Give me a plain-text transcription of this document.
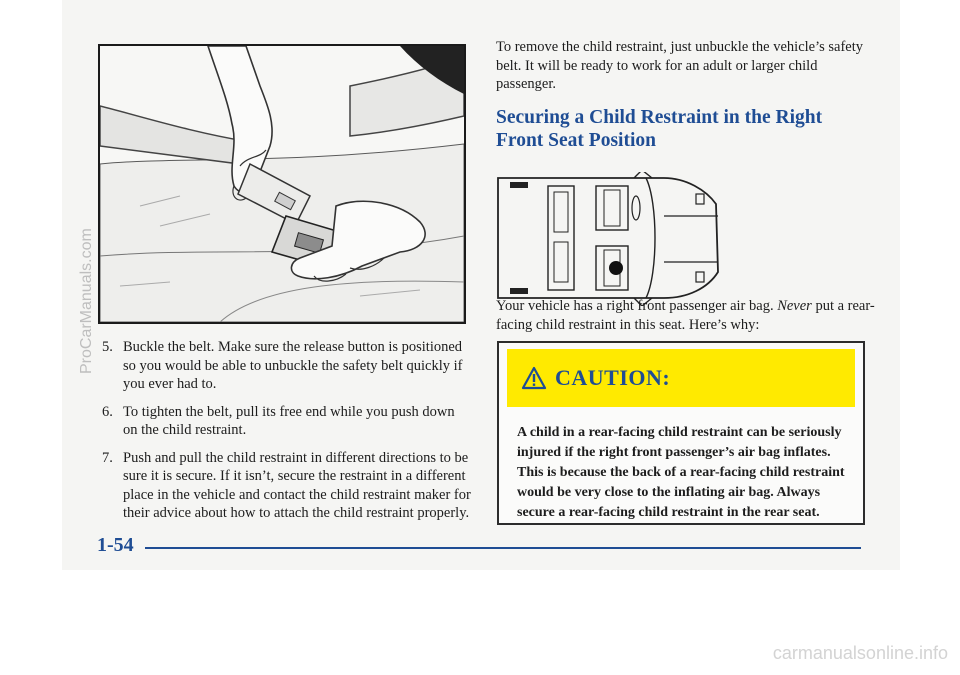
5. Buckle the belt. Make sure the release button is positioned so you would be able to unbuckle the safety belt quickly if you ever had to.
6. To tighten the belt, pull its free end while you push down on the child restraint.
7. Push and pull the child restraint in different directions to be sure it is secure. If it isn’t, secure the restraint in a different place in the vehicle and contact the child restraint maker for their advice about how to attach the child restraint properly.

To remove the child restraint, just unbuckle the vehicle’s safety belt. It will be ready to work for an adult or larger child passenger.

Securing a Child Restraint in the Right Front Seat Position

Your vehicle has a right front passenger air bag. Never put a rear-facing child restraint in this seat. Here’s why:

CAUTION:
A child in a rear-facing child restraint can be seriously injured if the right front passenger’s air bag inflates. This is because the back of a rear-facing child restraint would be very close to the inflating air bag. Always secure a rear-facing child restraint in the rear seat.
1-54
ProCarManuals.com
carmanualsonline.info
